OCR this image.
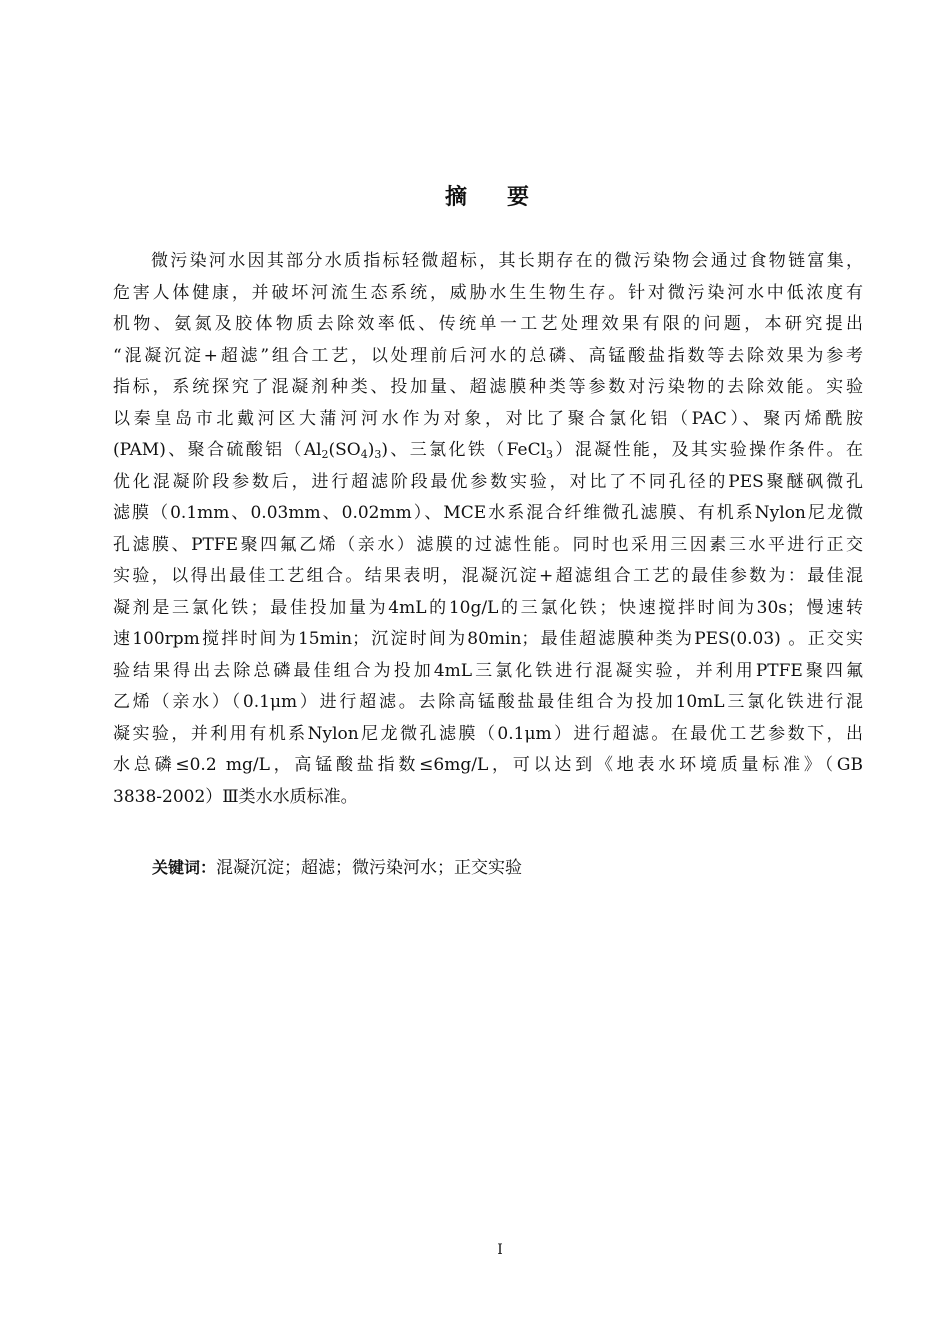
摘 要
微污染河水因其部分水质指标轻微超标，其长期存在的微污染物会通过食物链富集，
危害人体健康，并破坏河流生态系统，威胁水生生物生存。针对微污染河水中低浓度有
机物、氨氮及胶体物质去除效率低、传统单一工艺处理效果有限的问题，本研究提出
“混凝沉淀+超滤”组合工艺，以处理前后河水的总磷、高锰酸盐指数等去除效果为参考
指标，系统探究了混凝剂种类、投加量、超滤膜种类等参数对污染物的去除效能。实验
以秦皇岛市北戴河区大蒲河河水作为对象，对比了聚合氯化铝（PAC）、聚丙烯酰胺
(PAM)、聚合硫酸铝$(Al_2(SO_4)_3)$、三氯化铁（FeCl$_3$）混凝性能，及其实验操作条件。在
优化混凝阶段参数后，进行超滤阶段最优参数实验，对比了不同孔径的PES聚醚砜微孔
滤膜（0.1mm、0.03mm、0.02mm）、MCE水系混合纤维微孔滤膜、有机系Nylon尼龙微
孔滤膜、PTFE聚四氟乙烯（亲水）滤膜的过滤性能。同时也采用三因素三水平进行正交
实验，以得出最佳工艺组合。结果表明，混凝沉淀+超滤组合工艺的最佳参数为：最佳混
凝剂是三氯化铁；最佳投加量为4mL的10g/L的三氯化铁；快速搅拌时间为30s；慢速转
速100rpm搅拌时间为15min；沉淀时间为80min；最佳超滤膜种类为PES(0.03) 。正交实
验结果得出去除总磷最佳组合为投加4mL三氯化铁进行混凝实验，并利用PTFE聚四氟
乙烯（亲水）（0.1μm）进行超滤。去除高锰酸盐最佳组合为投加10mL三氯化铁进行混
凝实验，并利用有机系Nylon尼龙微孔滤膜（0.1μm）进行超滤。在最优工艺参数下，出
水总磷≤0.2 mg/L，高锰酸盐指数≤6mg/L，可以达到《地表水环境质量标准》（GB
3838-2002）Ⅲ类水水质标准。
关键词：混凝沉淀；超滤；微污染河水；正交实验
I
